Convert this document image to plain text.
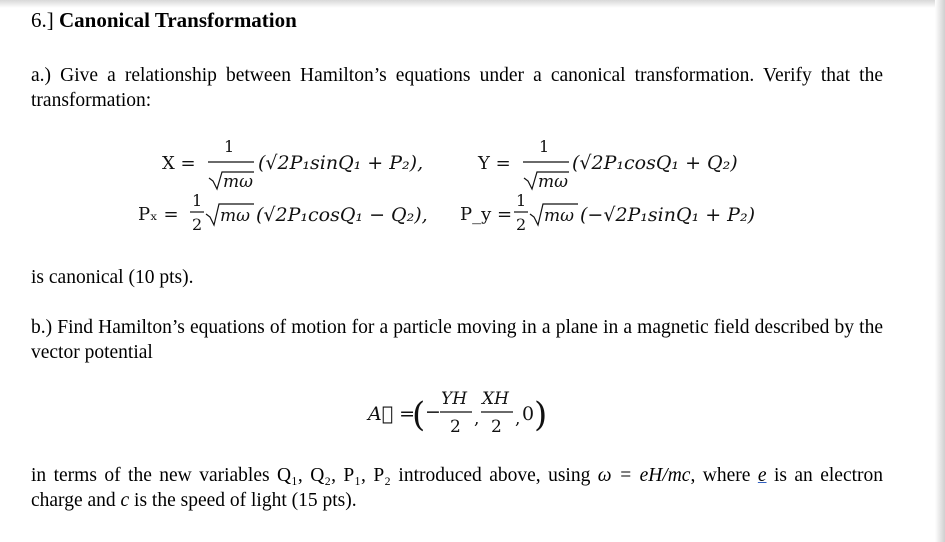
6.] Canonical Transformation
a.) Give a relationship between Hamilton’s equations under a canonical transformation. Verify that the transformation:
X =
1
mω
(√2P₁sinQ₁ + P₂),	Y =
1
mω
(√2P₁cosQ₁ + Q₂)
Pₓ =
1
2 mω (√2P₁cosQ₁ − Q₂), P_y =
1
2 mω (−√2P₁sinQ₁ + P₂)
is canonical (10 pts).
b.) Find Hamilton’s equations of motion for a particle moving in a plane in a magnetic field described by the vector potential
A⃗ =
( −
YH
2 ,
XH
2 , 0 )
in terms of the new variables Q₁, Q₂, P₁, P₂ introduced above, using ω = eH/mc, where e is an electron charge and c is the speed of light (15 pts).
